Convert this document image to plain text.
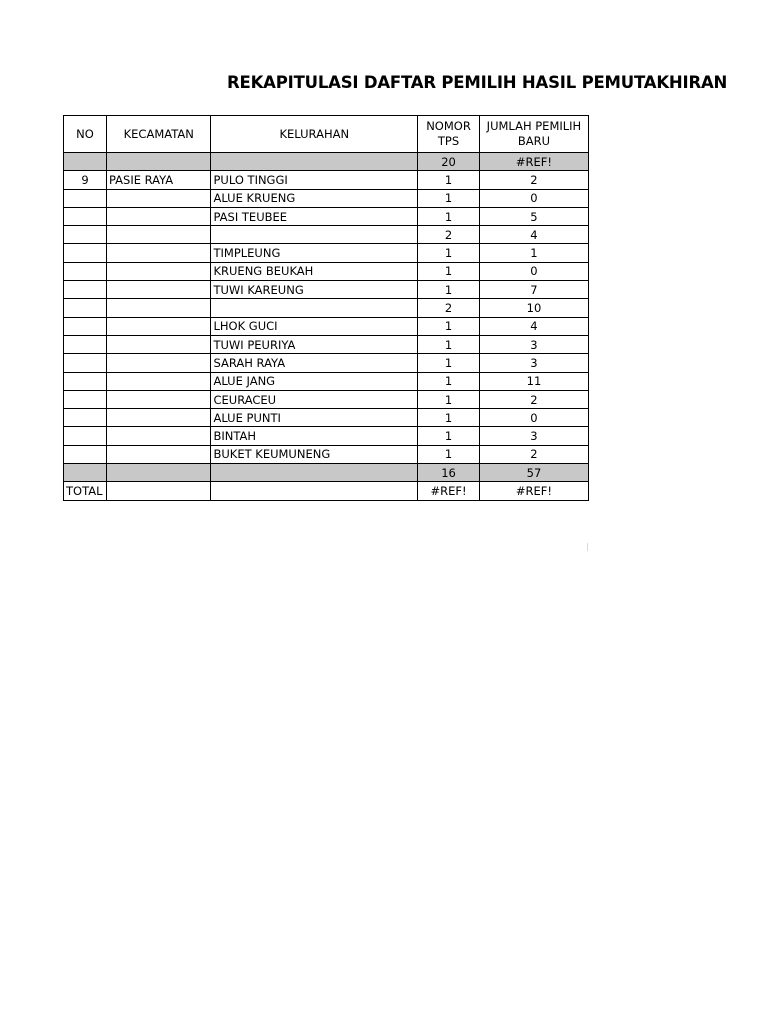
REKAPITULASI DAFTAR PEMILIH HASIL PEMUTAKHIRAN
NO	KECAMATAN	KELURAHAN	NOMOR TPS	JUMLAH PEMILIH BARU
			20	#REF!
9	PASIE RAYA	PULO TINGGI	1	2
		ALUE KRUENG	1	0
		PASI TEUBEE	1	5
			2	4
		TIMPLEUNG	1	1
		KRUENG BEUKAH	1	0
		TUWI KAREUNG	1	7
			2	10
		LHOK GUCI	1	4
		TUWI PEURIYA	1	3
		SARAH RAYA	1	3
		ALUE JANG	1	11
		CEURACEU	1	2
		ALUE PUNTI	1	0
		BINTAH	1	3
		BUKET KEUMUNENG	1	2
			16	57
TOTAL			#REF!	#REF!
